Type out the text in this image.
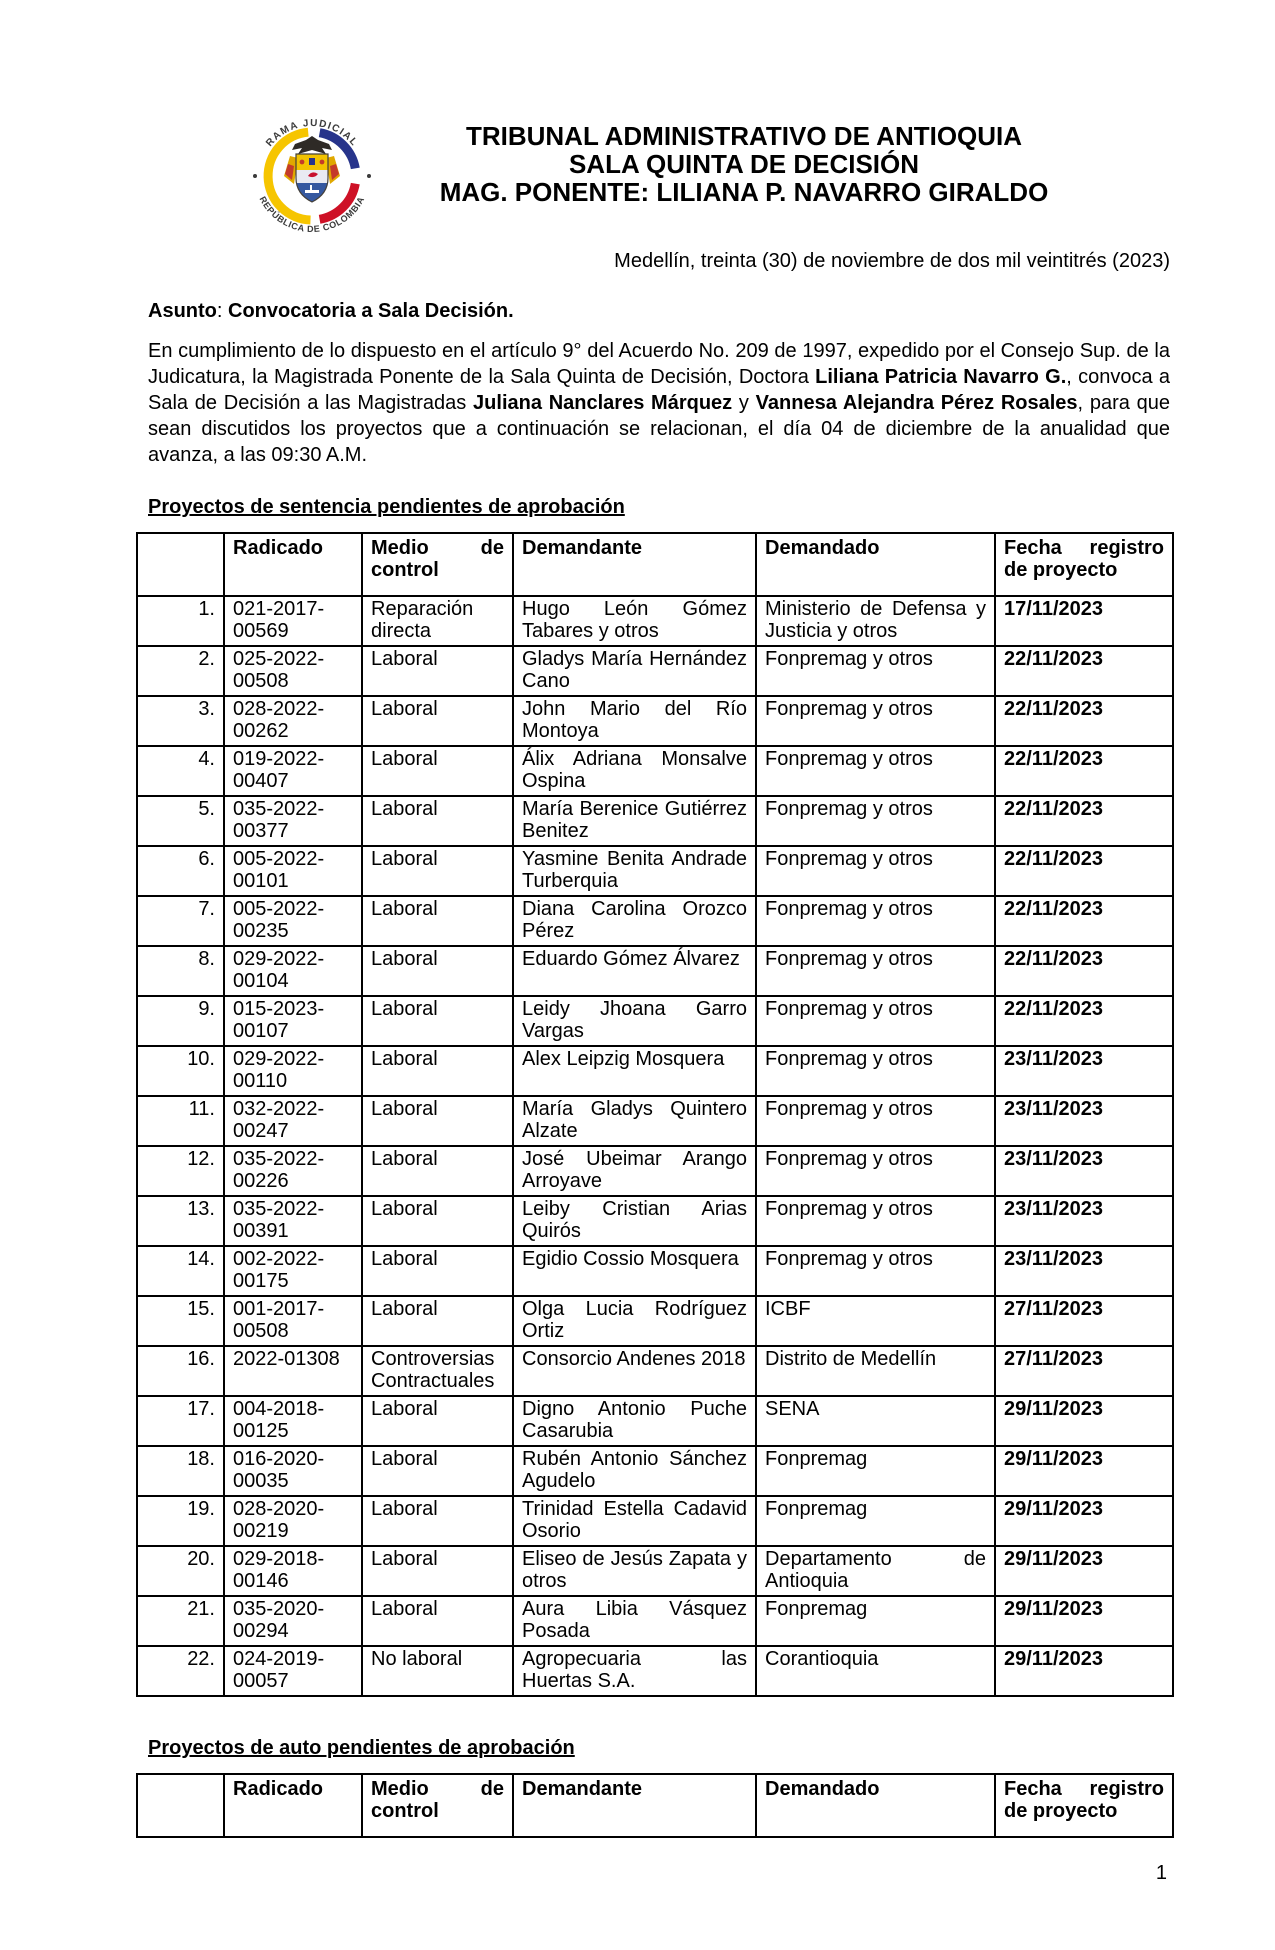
RAMA JUDICIAL
REPÚBLICA DE COLOMBIA
TRIBUNAL ADMINISTRATIVO DE ANTIOQUIA
SALA QUINTA DE DECISIÓN
MAG. PONENTE: LILIANA P. NAVARRO GIRALDO
Medellín, treinta (30) de noviembre de dos mil veintitrés (2023)
Asunto: Convocatoria a Sala Decisión.

En cumplimiento de lo dispuesto en el artículo 9° del Acuerdo No. 209 de 1997, expedido por el Consejo Sup. de la Judicatura, la Magistrada Ponente de la Sala Quinta de Decisión, Doctora Liliana Patricia Navarro G., convoca a Sala de Decisión a las Magistradas Juliana Nanclares Márquez y Vannesa Alejandra Pérez Rosales, para que sean discutidos los proyectos que a continuación se relacionan, el día 04 de diciembre de la anualidad que avanza, a las 09:30 A.M.

Proyectos de sentencia pendientes de aprobación
	Radicado	Medio de control	Demandante	Demandado	Fecha registro de proyecto
1.	021-2017-00569	Reparación directa	Hugo León Gómez Tabares y otros	Ministerio de Defensa y Justicia y otros	17/11/2023
2.	025-2022-00508	Laboral	Gladys María Hernández Cano	Fonpremag y otros	22/11/2023
3.	028-2022-00262	Laboral	John Mario del Río Montoya	Fonpremag y otros	22/11/2023
4.	019-2022-00407	Laboral	Álix Adriana Monsalve Ospina	Fonpremag y otros	22/11/2023
5.	035-2022-00377	Laboral	María Berenice Gutiérrez Benitez	Fonpremag y otros	22/11/2023
6.	005-2022-00101	Laboral	Yasmine Benita Andrade Turberquia	Fonpremag y otros	22/11/2023
7.	005-2022-00235	Laboral	Diana Carolina Orozco Pérez	Fonpremag y otros	22/11/2023
8.	029-2022-00104	Laboral	Eduardo Gómez Álvarez	Fonpremag y otros	22/11/2023
9.	015-2023-00107	Laboral	Leidy Jhoana Garro Vargas	Fonpremag y otros	22/11/2023
10.	029-2022-00110	Laboral	Alex Leipzig Mosquera	Fonpremag y otros	23/11/2023
11.	032-2022-00247	Laboral	María Gladys Quintero Alzate	Fonpremag y otros	23/11/2023
12.	035-2022-00226	Laboral	José Ubeimar Arango Arroyave	Fonpremag y otros	23/11/2023
13.	035-2022-00391	Laboral	Leiby Cristian Arias Quirós	Fonpremag y otros	23/11/2023
14.	002-2022-00175	Laboral	Egidio Cossio Mosquera	Fonpremag y otros	23/11/2023
15.	001-2017-00508	Laboral	Olga Lucia Rodríguez Ortiz	ICBF	27/11/2023
16.	2022-01308	Controversias Contractuales	Consorcio Andenes 2018	Distrito de Medellín	27/11/2023
17.	004-2018-00125	Laboral	Digno Antonio Puche Casarubia	SENA	29/11/2023
18.	016-2020-00035	Laboral	Rubén Antonio Sánchez Agudelo	Fonpremag	29/11/2023
19.	028-2020-00219	Laboral	Trinidad Estella Cadavid Osorio	Fonpremag	29/11/2023
20.	029-2018-00146	Laboral	Eliseo de Jesús Zapata y otros	Departamento de Antioquia	29/11/2023
21.	035-2020-00294	Laboral	Aura Libia Vásquez Posada	Fonpremag	29/11/2023
22.	024-2019-00057	No laboral	Agropecuaria las Huertas S.A.	Corantioquia	29/11/2023
Proyectos de auto pendientes de aprobación
	Radicado	Medio de control	Demandante	Demandado	Fecha registro de proyecto
1
